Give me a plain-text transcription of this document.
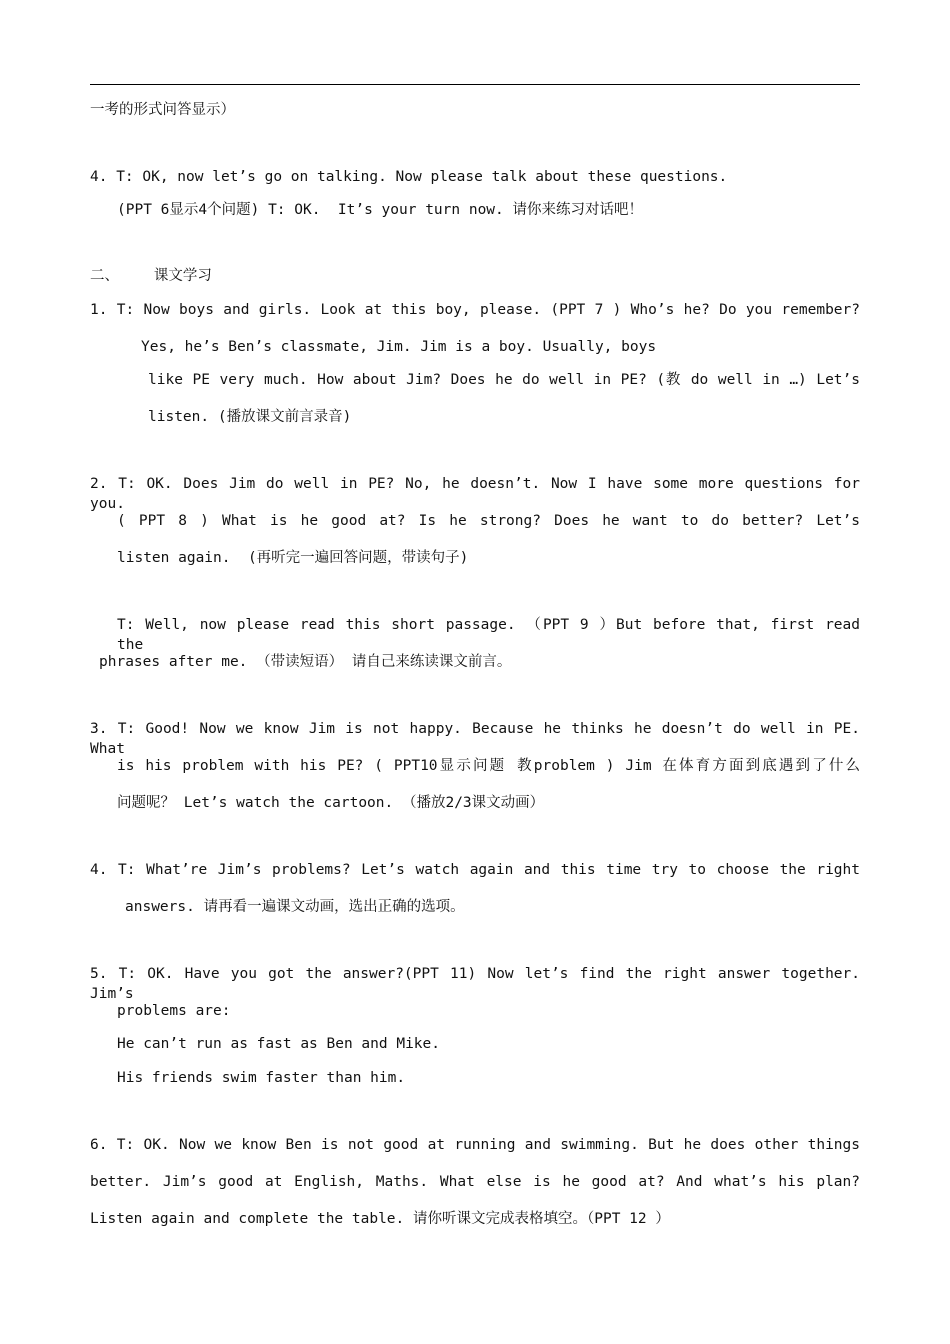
一考的形式问答显示）
4. T: OK, now let’s go on talking. Now please talk about these questions.
(PPT 6显示4个问题) T: OK.  It’s your turn now. 请你来练习对话吧！
二、    课文学习
1. T: Now boys and girls. Look at this boy, please. (PPT 7 ) Who’s he? Do you remember?
Yes, he’s Ben’s classmate, Jim. Jim is a boy. Usually, boys
like PE very much. How about Jim? Does he do well in PE? (教 do well in …) Let’s
listen. (播放课文前言录音)
2. T: OK. Does Jim do well in PE? No, he doesn’t. Now I have some more questions for you.
( PPT 8 ) What is he good at? Is he strong? Does he want to do better? Let’s
listen again.  (再听完一遍回答问题，带读句子)
T: Well, now please read this short passage. （PPT 9 ）But before that, first read the
phrases after me. （带读短语） 请自己来练读课文前言。
3. T: Good! Now we know Jim is not happy. Because he thinks he doesn’t do well in PE. What
is his problem with his PE? ( PPT10显示问题 教problem ) Jim 在体育方面到底遇到了什么
问题呢？ Let’s watch the cartoon. （播放2/3课文动画）
4. T: What’re Jim’s problems? Let’s watch again and this time try to choose the right
answers. 请再看一遍课文动画，选出正确的选项。
5. T: OK. Have you got the answer?(PPT 11) Now let’s find the right answer together. Jim’s
problems are:
He can’t run as fast as Ben and Mike.
His friends swim faster than him.
6. T: OK. Now we know Ben is not good at running and swimming. But he does other things
better. Jim’s good at English, Maths. What else is he good at? And what’s his plan?
Listen again and complete the table. 请你听课文完成表格填空。（PPT 12 ）
